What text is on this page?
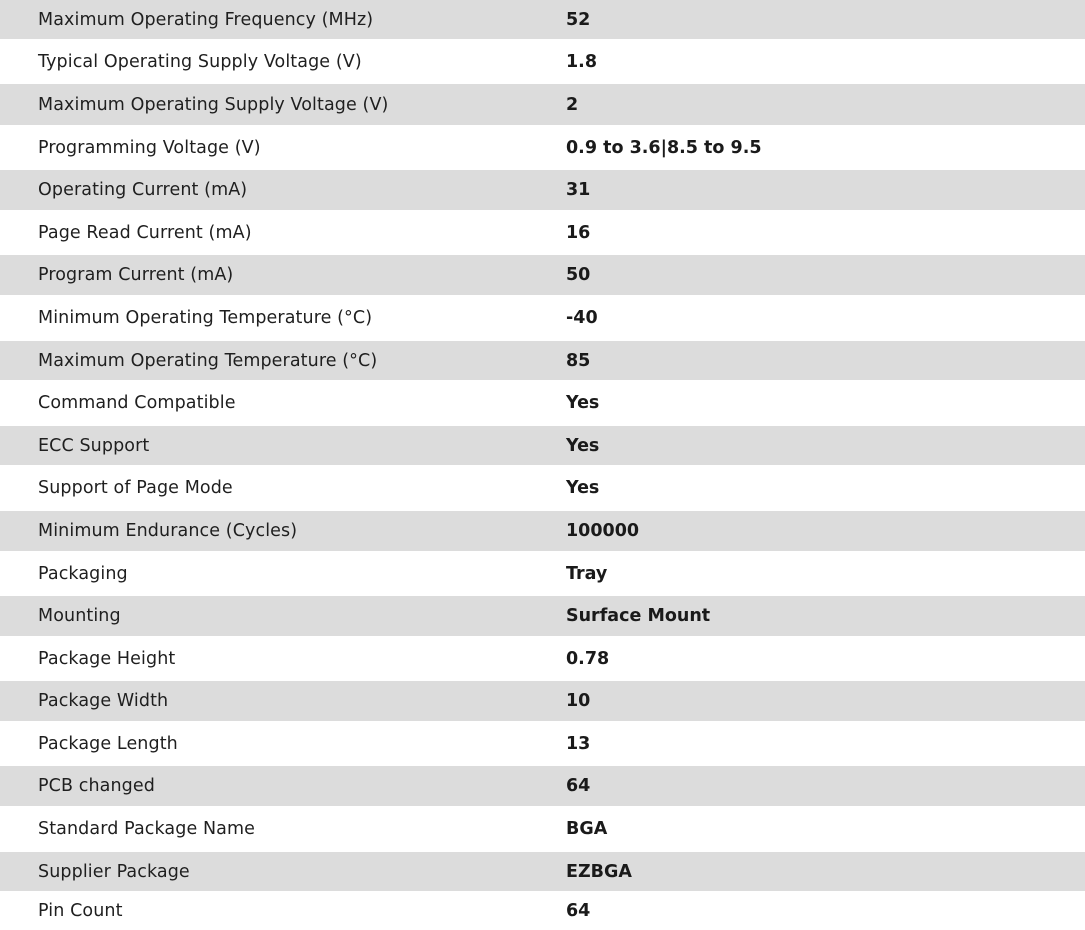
Maximum Operating Frequency (MHz)	52
Typical Operating Supply Voltage (V)	1.8
Maximum Operating Supply Voltage (V)	2
Programming Voltage (V)	0.9 to 3.6|8.5 to 9.5
Operating Current (mA)	31
Page Read Current (mA)	16
Program Current (mA)	50
Minimum Operating Temperature (°C)	-40
Maximum Operating Temperature (°C)	85
Command Compatible	Yes
ECC Support	Yes
Support of Page Mode	Yes
Minimum Endurance (Cycles)	100000
Packaging	Tray
Mounting	Surface Mount
Package Height	0.78
Package Width	10
Package Length	13
PCB changed	64
Standard Package Name	BGA
Supplier Package	EZBGA
Pin Count	64
